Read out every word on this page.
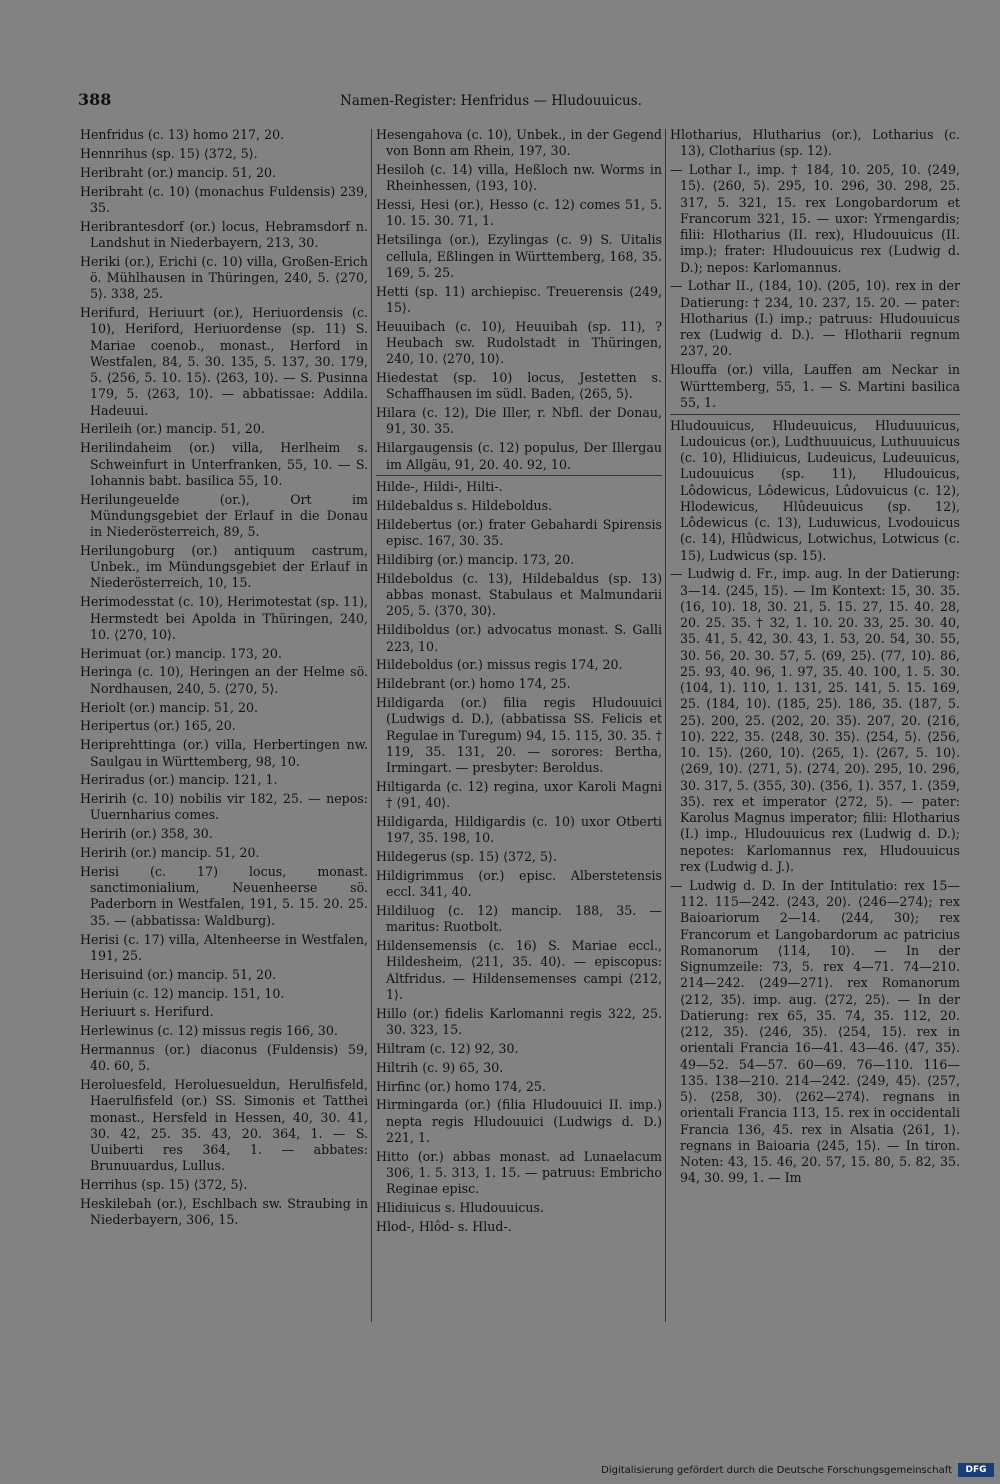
388	Namen-Register: Henfridus — Hludouuicus.
Henfridus (c. 13) homo 217, 20.
Hennrihus (sp. 15) ⟨372, 5⟩.
Heribraht (or.) mancip. 51, 20.
Heribraht (c. 10) (monachus Fuldensis) 239, 35.
Heribrantesdorf (or.) locus, Hebramsdorf n. Landshut in Niederbayern, 213, 30.
Heriki (or.), Erichi (c. 10) villa, Großen-Erich ö. Mühlhausen in Thüringen, 240, 5. ⟨270, 5⟩. 338, 25.
Herifurd, Heriuurt (or.), Heriuordensis (c. 10), Heriford, Heriuordense (sp. 11) S. Mariae coenob., monast., Herford in Westfalen, 84, 5. 30. 135, 5. 137, 30. 179, 5. ⟨256, 5. 10. 15⟩. ⟨263, 10⟩. — S. Pusinna 179, 5. ⟨263, 10⟩. — abbatissae: Addila. Hadeuui.
Herileih (or.) mancip. 51, 20.
Herilindaheim (or.) villa, Herlheim s. Schweinfurt in Unterfranken, 55, 10. — S. Iohannis babt. basilica 55, 10.
Herilungeuelde (or.), Ort im Mündungsgebiet der Erlauf in die Donau in Niederösterreich, 89, 5.
Herilungoburg (or.) antiquum castrum, Unbek., im Mündungsgebiet der Erlauf in Niederösterreich, 10, 15.
Herimodesstat (c. 10), Herimotestat (sp. 11), Hermstedt bei Apolda in Thüringen, 240, 10. ⟨270, 10⟩.
Herimuat (or.) mancip. 173, 20.
Heringa (c. 10), Heringen an der Helme sö. Nordhausen, 240, 5. ⟨270, 5⟩.
Heriolt (or.) mancip. 51, 20.
Heripertus (or.) 165, 20.
Heriprehttinga (or.) villa, Herbertingen nw. Saulgau in Württemberg, 98, 10.
Heriradus (or.) mancip. 121, 1.
Heririh (c. 10) nobilis vir 182, 25. — nepos: Uuernharius comes.
Heririh (or.) 358, 30.
Heririh (or.) mancip. 51, 20.
Herisi (c. 17) locus, monast. sanctimonialium, Neuenheerse sö. Paderborn in Westfalen, 191, 5. 15. 20. 25. 35. — (abbatissa: Waldburg).
Herisi (c. 17) villa, Altenheerse in Westfalen, 191, 25.
Herisuind (or.) mancip. 51, 20.
Heriuin (c. 12) mancip. 151, 10.
Heriuurt s. Herifurd.
Herlewinus (c. 12) missus regis 166, 30.
Hermannus (or.) diaconus (Fuldensis) 59, 40. 60, 5.
Heroluesfeld, Heroluesueldun, Herulfisfeld, Haerulfisfeld (or.) SS. Simonis et Tatthei monast., Hersfeld in Hessen, 40, 30. 41, 30. 42, 25. 35. 43, 20. 364, 1. — S. Uuiberti res 364, 1. — abbates: Brunuuardus, Lullus.
Herrihus (sp. 15) ⟨372, 5⟩.
Heskilebah (or.), Eschlbach sw. Straubing in Niederbayern, 306, 15.
Hesengahova (c. 10), Unbek., in der Gegend von Bonn am Rhein, 197, 30.
Hesiloh (c. 14) villa, Heßloch nw. Worms in Rheinhessen, ⟨193, 10⟩.
Hessi, Hesi (or.), Hesso (c. 12) comes 51, 5. 10. 15. 30. 71, 1.
Hetsilinga (or.), Ezylingas (c. 9) S. Uitalis cellula, Eßlingen in Württemberg, 168, 35. 169, 5. 25.
Hetti (sp. 11) archiepisc. Treuerensis ⟨249, 15⟩.
Heuuibach (c. 10), Heuuibah (sp. 11), ? Heubach sw. Rudolstadt in Thüringen, 240, 10. ⟨270, 10⟩.
Hiedestat (sp. 10) locus, Jestetten s. Schaffhausen im südl. Baden, ⟨265, 5⟩.
Hilara (c. 12), Die Iller, r. Nbfl. der Donau, 91, 30. 35.
Hilargaugensis (c. 12) populus, Der Illergau im Allgäu, 91, 20. 40. 92, 10.
Hilde-, Hildi-, Hilti-.
Hildebaldus s. Hildeboldus.
Hildebertus (or.) frater Gebahardi Spirensis episc. 167, 30. 35.
Hildibirg (or.) mancip. 173, 20.
Hildeboldus (c. 13), Hildebaldus (sp. 13) abbas monast. Stabulaus et Malmundarii 205, 5. ⟨370, 30⟩.
Hildiboldus (or.) advocatus monast. S. Galli 223, 10.
Hildeboldus (or.) missus regis 174, 20.
Hildebrant (or.) homo 174, 25.
Hildigarda (or.) filia regis Hludouuici (Ludwigs d. D.), (abbatissa SS. Felicis et Regulae in Turegum) 94, 15. 115, 30. 35. † 119, 35. 131, 20. — sorores: Bertha, Irmingart. — presbyter: Beroldus.
Hiltigarda (c. 12) regina, uxor Karoli Magni † ⟨91, 40⟩.
Hildigarda, Hildigardis (c. 10) uxor Otberti 197, 35. 198, 10.
Hildegerus (sp. 15) ⟨372, 5⟩.
Hildigrimmus (or.) episc. Alberstetensis eccl. 341, 40.
Hildiluog (c. 12) mancip. 188, 35. — maritus: Ruotbolt.
Hildensemensis (c. 16) S. Mariae eccl., Hildesheim, ⟨211, 35. 40⟩. — episcopus: Altfridus. — Hildensemenses campi ⟨212, 1⟩.
Hillo (or.) fidelis Karlomanni regis 322, 25. 30. 323, 15.
Hiltram (c. 12) 92, 30.
Hiltrih (c. 9) 65, 30.
Hirfinc (or.) homo 174, 25.
Hirmingarda (or.) (filia Hludouuici II. imp.) nepta regis Hludouuici (Ludwigs d. D.) 221, 1.
Hitto (or.) abbas monast. ad Lunaelacum 306, 1. 5. 313, 1. 15. — patruus: Embricho Reginae episc.
Hlidiuicus s. Hludouuicus.
Hlod-, Hlôd- s. Hlud-.
Hlotharius, Hlutharius (or.), Lotharius (c. 13), Clotharius (sp. 12).
— Lothar I., imp. † 184, 10. 205, 10. ⟨249, 15⟩. ⟨260, 5⟩. 295, 10. 296, 30. 298, 25. 317, 5. 321, 15. rex Longobardorum et Francorum 321, 15. — uxor: Yrmengardis; filii: Hlotharius (II. rex), Hludouuicus (II. imp.); frater: Hludouuicus rex (Ludwig d. D.); nepos: Karlomannus.
— Lothar II., (184, 10). (205, 10). rex in der Datierung: † 234, 10. 237, 15. 20. — pater: Hlotharius (I.) imp.; patruus: Hludouuicus rex (Ludwig d. D.). — Hlotharii regnum 237, 20.
Hlouffa (or.) villa, Lauffen am Neckar in Württemberg, 55, 1. — S. Martini basilica 55, 1.
Hludouuicus, Hludeuuicus, Hluduuuicus, Ludouicus (or.), Ludthuuuicus, Luthuuuicus (c. 10), Hlidiuicus, Ludeuicus, Ludeuuicus, Ludouuicus (sp. 11), Hludouicus, Lôdowicus, Lôdewicus, Lûdovuicus (c. 12), Hlodewicus, Hlûdeuuicus (sp. 12), Lôdewicus (c. 13), Luduwicus, Lvodouicus (c. 14), Hlûdwicus, Lotwichus, Lotwicus (c. 15), Ludwicus (sp. 15).
— Ludwig d. Fr., imp. aug. In der Datierung: 3—14. ⟨245, 15⟩. — Im Kontext: 15, 30. 35. (16, 10). 18, 30. 21, 5. 15. 27, 15. 40. 28, 20. 25. 35. † 32, 1. 10. 20. 33, 25. 30. 40, 35. 41, 5. 42, 30. 43, 1. 53, 20. 54, 30. 55, 30. 56, 20. 30. 57, 5. ⟨69, 25⟩. (77, 10). 86, 25. 93, 40. 96, 1. 97, 35. 40. 100, 1. 5. 30. (104, 1). 110, 1. 131, 25. 141, 5. 15. 169, 25. (184, 10). (185, 25). 186, 35. (187, 5. 25). 200, 25. (202, 20. 35). 207, 20. (216, 10). 222, 35. ⟨248, 30. 35⟩. ⟨254, 5⟩. ⟨256, 10. 15⟩. ⟨260, 10⟩. ⟨265, 1⟩. ⟨267, 5. 10⟩. ⟨269, 10⟩. ⟨271, 5⟩. (274, 20). 295, 10. 296, 30. 317, 5. (355, 30). (356, 1). 357, 1. ⟨359, 35⟩. rex et imperator ⟨272, 5⟩. — pater: Karolus Magnus imperator; filii: Hlotharius (I.) imp., Hludouuicus rex (Ludwig d. D.); nepotes: Karlomannus rex, Hludouuicus rex (Ludwig d. J.).
— Ludwig d. D. In der Intitulatio: rex 15—112. 115—242. ⟨243, 20⟩. ⟨246—274⟩; rex Baioariorum 2—14. ⟨244, 30⟩; rex Francorum et Langobardorum ac patricius Romanorum ⟨114, 10⟩. — In der Signumzeile: 73, 5. rex 4—71. 74—210. 214—242. ⟨249—271⟩. rex Romanorum ⟨212, 35⟩. imp. aug. ⟨272, 25⟩. — In der Datierung: rex 65, 35. 74, 35. 112, 20. ⟨212, 35⟩. ⟨246, 35⟩. ⟨254, 15⟩. rex in orientali Francia 16—41. 43—46. ⟨47, 35⟩. 49—52. 54—57. 60—69. 76—110. 116—135. 138—210. 214—242. ⟨249, 45⟩. ⟨257, 5⟩. ⟨258, 30⟩. ⟨262—274⟩. regnans in orientali Francia 113, 15. rex in occidentali Francia 136, 45. rex in Alsatia ⟨261, 1⟩. regnans in Baioaria ⟨245, 15⟩. — In tiron. Noten: 43, 15. 46, 20. 57, 15. 80, 5. 82, 35. 94, 30. 99, 1. — Im
Digitalisierung gefördert durch die Deutsche Forschungsgemeinschaft	DFG
